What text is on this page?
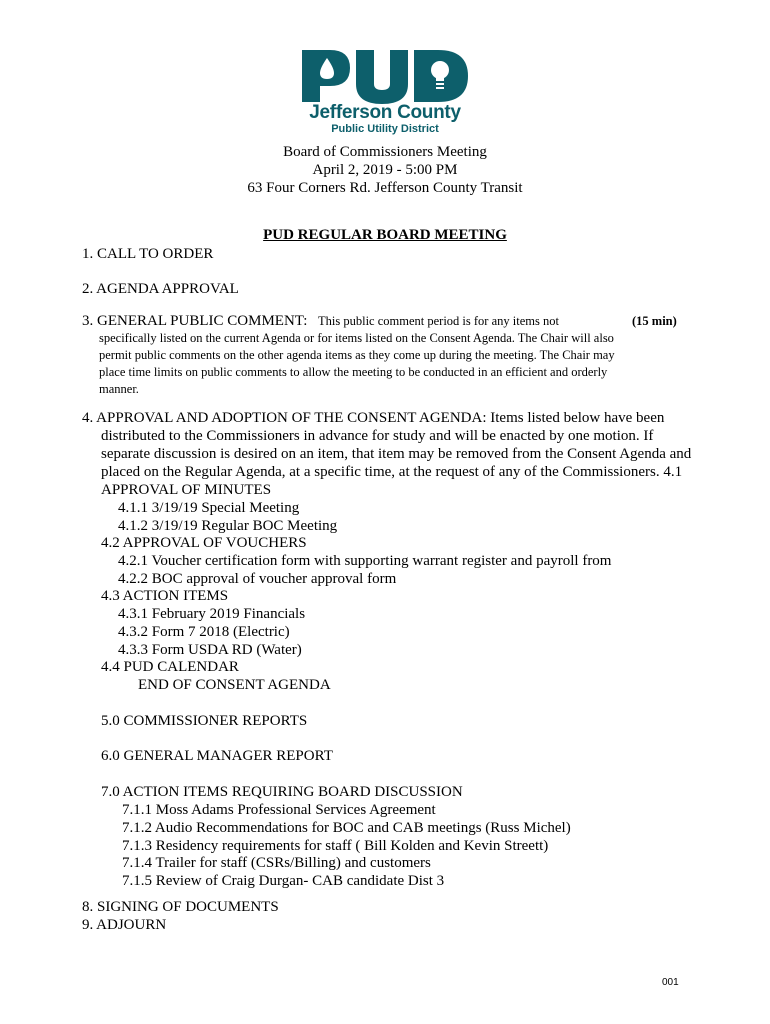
Jefferson County
Public Utility District
Board of Commissioners Meeting
April 2, 2019 - 5:00 PM
63 Four Corners Rd. Jefferson County Transit
PUD REGULAR BOARD MEETING
1. CALL TO ORDER
2. AGENDA APPROVAL
3. GENERAL PUBLIC COMMENT: This public comment period is for any items not	(15 min)
specifically listed on the current Agenda or for items listed on the Consent Agenda. The Chair will also
permit public comments on the other agenda items as they come up during the meeting. The Chair may
place time limits on public comments to allow the meeting to be conducted in an efficient and orderly
manner.
4. APPROVAL AND ADOPTION OF THE CONSENT AGENDA: Items listed below have been
distributed to the Commissioners in advance for study and will be enacted by one motion. If
separate discussion is desired on an item, that item may be removed from the Consent Agenda and
placed on the Regular Agenda, at a specific time, at the request of any of the Commissioners. 4.1
APPROVAL OF MINUTES
4.1.1 3/19/19 Special Meeting
4.1.2 3/19/19 Regular BOC Meeting
4.2 APPROVAL OF VOUCHERS
4.2.1 Voucher certification form with supporting warrant register and payroll from
4.2.2 BOC approval of voucher approval form
4.3 ACTION ITEMS
4.3.1 February 2019 Financials
4.3.2 Form 7 2018 (Electric)
4.3.3 Form USDA RD (Water)
4.4 PUD CALENDAR
END OF CONSENT AGENDA
5.0 COMMISSIONER REPORTS
6.0 GENERAL MANAGER REPORT
7.0 ACTION ITEMS REQUIRING BOARD DISCUSSION
7.1.1 Moss Adams Professional Services Agreement
7.1.2 Audio Recommendations for BOC and CAB meetings (Russ Michel)
7.1.3 Residency requirements for staff ( Bill Kolden and Kevin Streett)
7.1.4 Trailer for staff (CSRs/Billing) and customers
7.1.5 Review of Craig Durgan- CAB candidate Dist 3
8. SIGNING OF DOCUMENTS
9. ADJOURN
001
